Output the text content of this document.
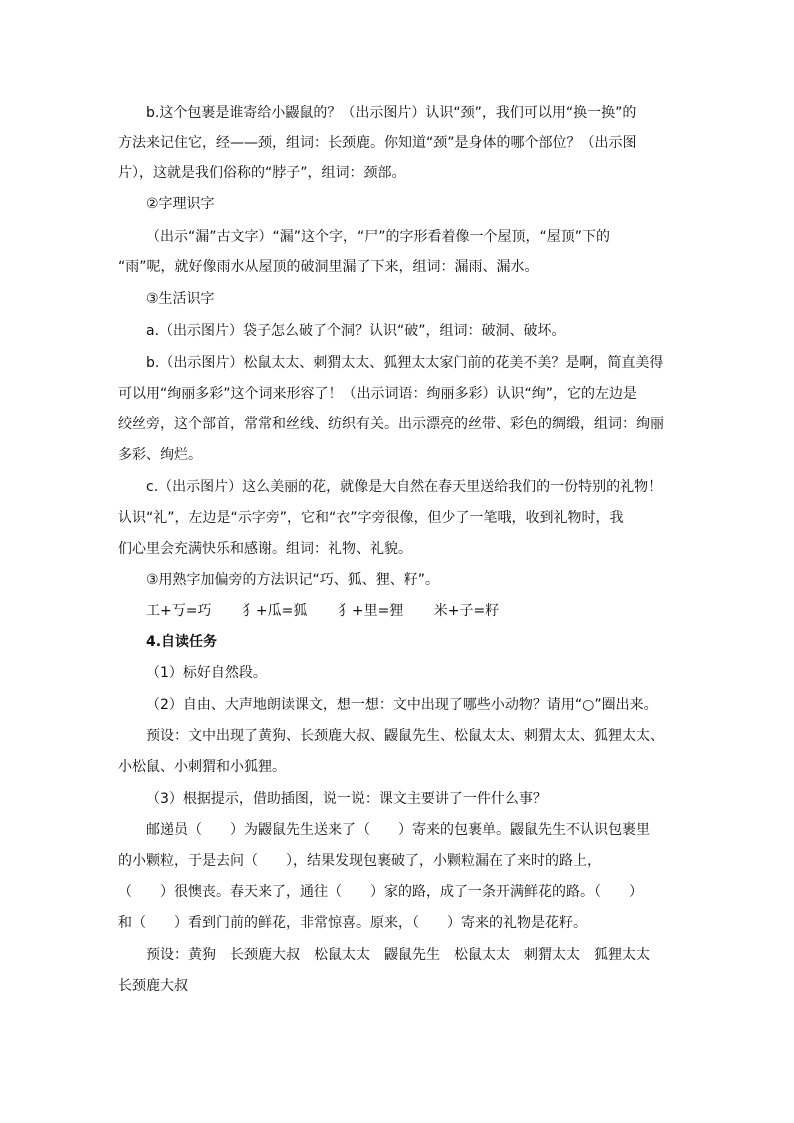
b.这个包裹是谁寄给小鼹鼠的？（出示图片）认识“颈”，我们可以用“换一换”的

方法来记住它，经——颈，组词：长颈鹿。你知道“颈”是身体的哪个部位？（出示图

片），这就是我们俗称的“脖子”，组词：颈部。

②字理识字

（出示“漏”古文字）“漏”这个字，“尸”的字形看着像一个屋顶，“屋顶”下的

“雨”呢，就好像雨水从屋顶的破洞里漏了下来，组词：漏雨、漏水。

③生活识字

a.（出示图片）袋子怎么破了个洞？认识“破”，组词：破洞、破坏。

b.（出示图片）松鼠太太、刺猬太太、狐狸太太家门前的花美不美？是啊，简直美得

可以用“绚丽多彩”这个词来形容了！（出示词语：绚丽多彩）认识“绚”，它的左边是

绞丝旁，这个部首，常常和丝线、纺织有关。出示漂亮的丝带、彩色的绸缎，组词：绚丽

多彩、绚烂。

c.（出示图片）这么美丽的花，就像是大自然在春天里送给我们的一份特别的礼物！

认识“礼”，左边是“示字旁”，它和“衣”字旁很像，但少了一笔哦，收到礼物时，我

们心里会充满快乐和感谢。组词：礼物、礼貌。

③用熟字加偏旁的方法识记“巧、狐、狸、籽”。

工+丂=巧 犭+瓜=狐 犭+里=狸 米+子=籽

4.自读任务

（1）标好自然段。

（2）自由、大声地朗读课文，想一想：文中出现了哪些小动物？请用“○”圈出来。

预设：文中出现了黄狗、长颈鹿大叔、鼹鼠先生、松鼠太太、刺猬太太、狐狸太太、

小松鼠、小刺猬和小狐狸。

（3）根据提示，借助插图，说一说：课文主要讲了一件什么事？

邮递员（　　）为鼹鼠先生送来了（　　）寄来的包裹单。鼹鼠先生不认识包裹里

的小颗粒，于是去问（　　），结果发现包裹破了，小颗粒漏在了来时的路上，

（　　）很懊丧。春天来了，通往（　　）家的路，成了一条开满鲜花的路。（　　）

和（　　）看到门前的鲜花，非常惊喜。原来，（　　）寄来的礼物是花籽。

预设：黄狗　 长颈鹿大叔　 松鼠太太　 鼹鼠先生　 松鼠太太　 刺猬太太　 狐狸太太

长颈鹿大叔
